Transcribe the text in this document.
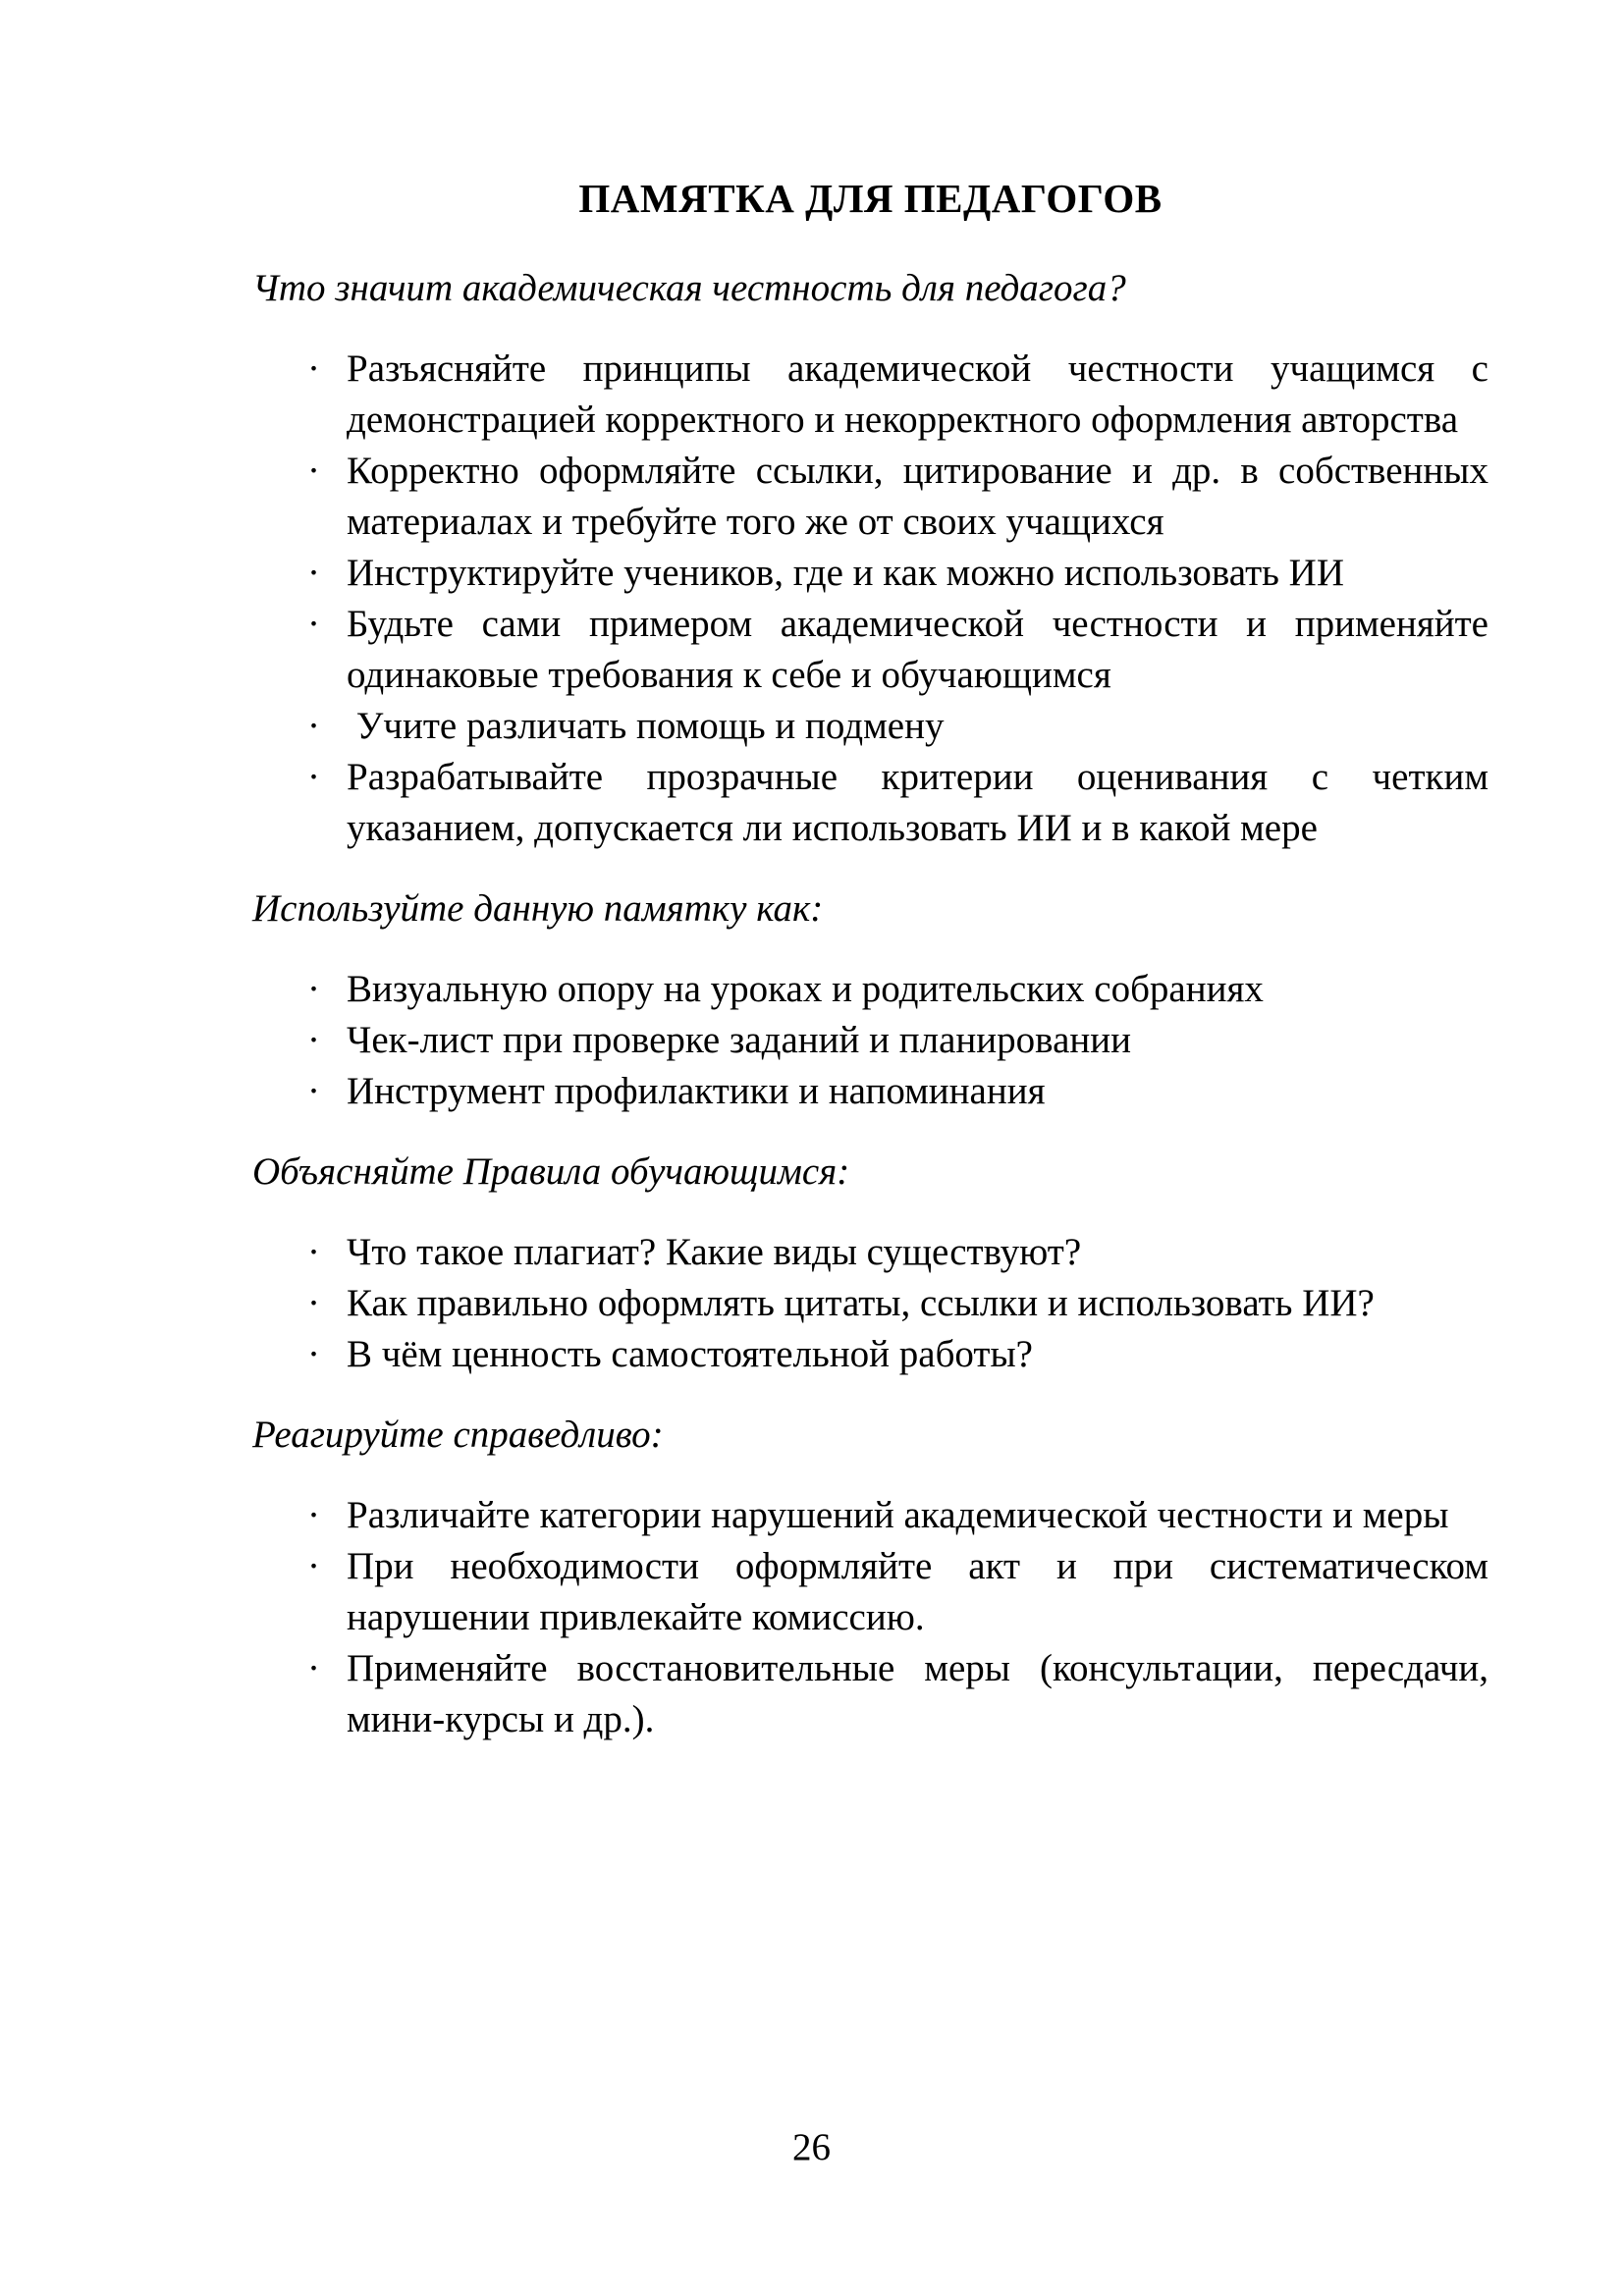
ПАМЯТКА ДЛЯ ПЕДАГОГОВ
Что значит академическая честность для педагога?
· Разъясняйте принципы академической честности учащимся с демонстрацией корректного и некорректного оформления авторства
· Корректно оформляйте ссылки, цитирование и др. в собственных материалах и требуйте того же от своих учащихся
· Инструктируйте учеников, где и как можно использовать ИИ
· Будьте сами примером академической честности и применяйте одинаковые требования к себе и обучающимся
· Учите различать помощь и подмену
· Разрабатывайте прозрачные критерии оценивания с четким указанием, допускается ли использовать ИИ и в какой мере
Используйте данную памятку как:
· Визуальную опору на уроках и родительских собраниях
· Чек-лист при проверке заданий и планировании
· Инструмент профилактики и напоминания
Объясняйте Правила обучающимся:
· Что такое плагиат? Какие виды существуют?
· Как правильно оформлять цитаты, ссылки и использовать ИИ?
· В чём ценность самостоятельной работы?
Реагируйте справедливо:
· Различайте категории нарушений академической честности и меры
· При необходимости оформляйте акт и при систематическом нарушении привлекайте комиссию.
· Применяйте восстановительные меры (консультации, пересдачи, мини-курсы и др.).
26
